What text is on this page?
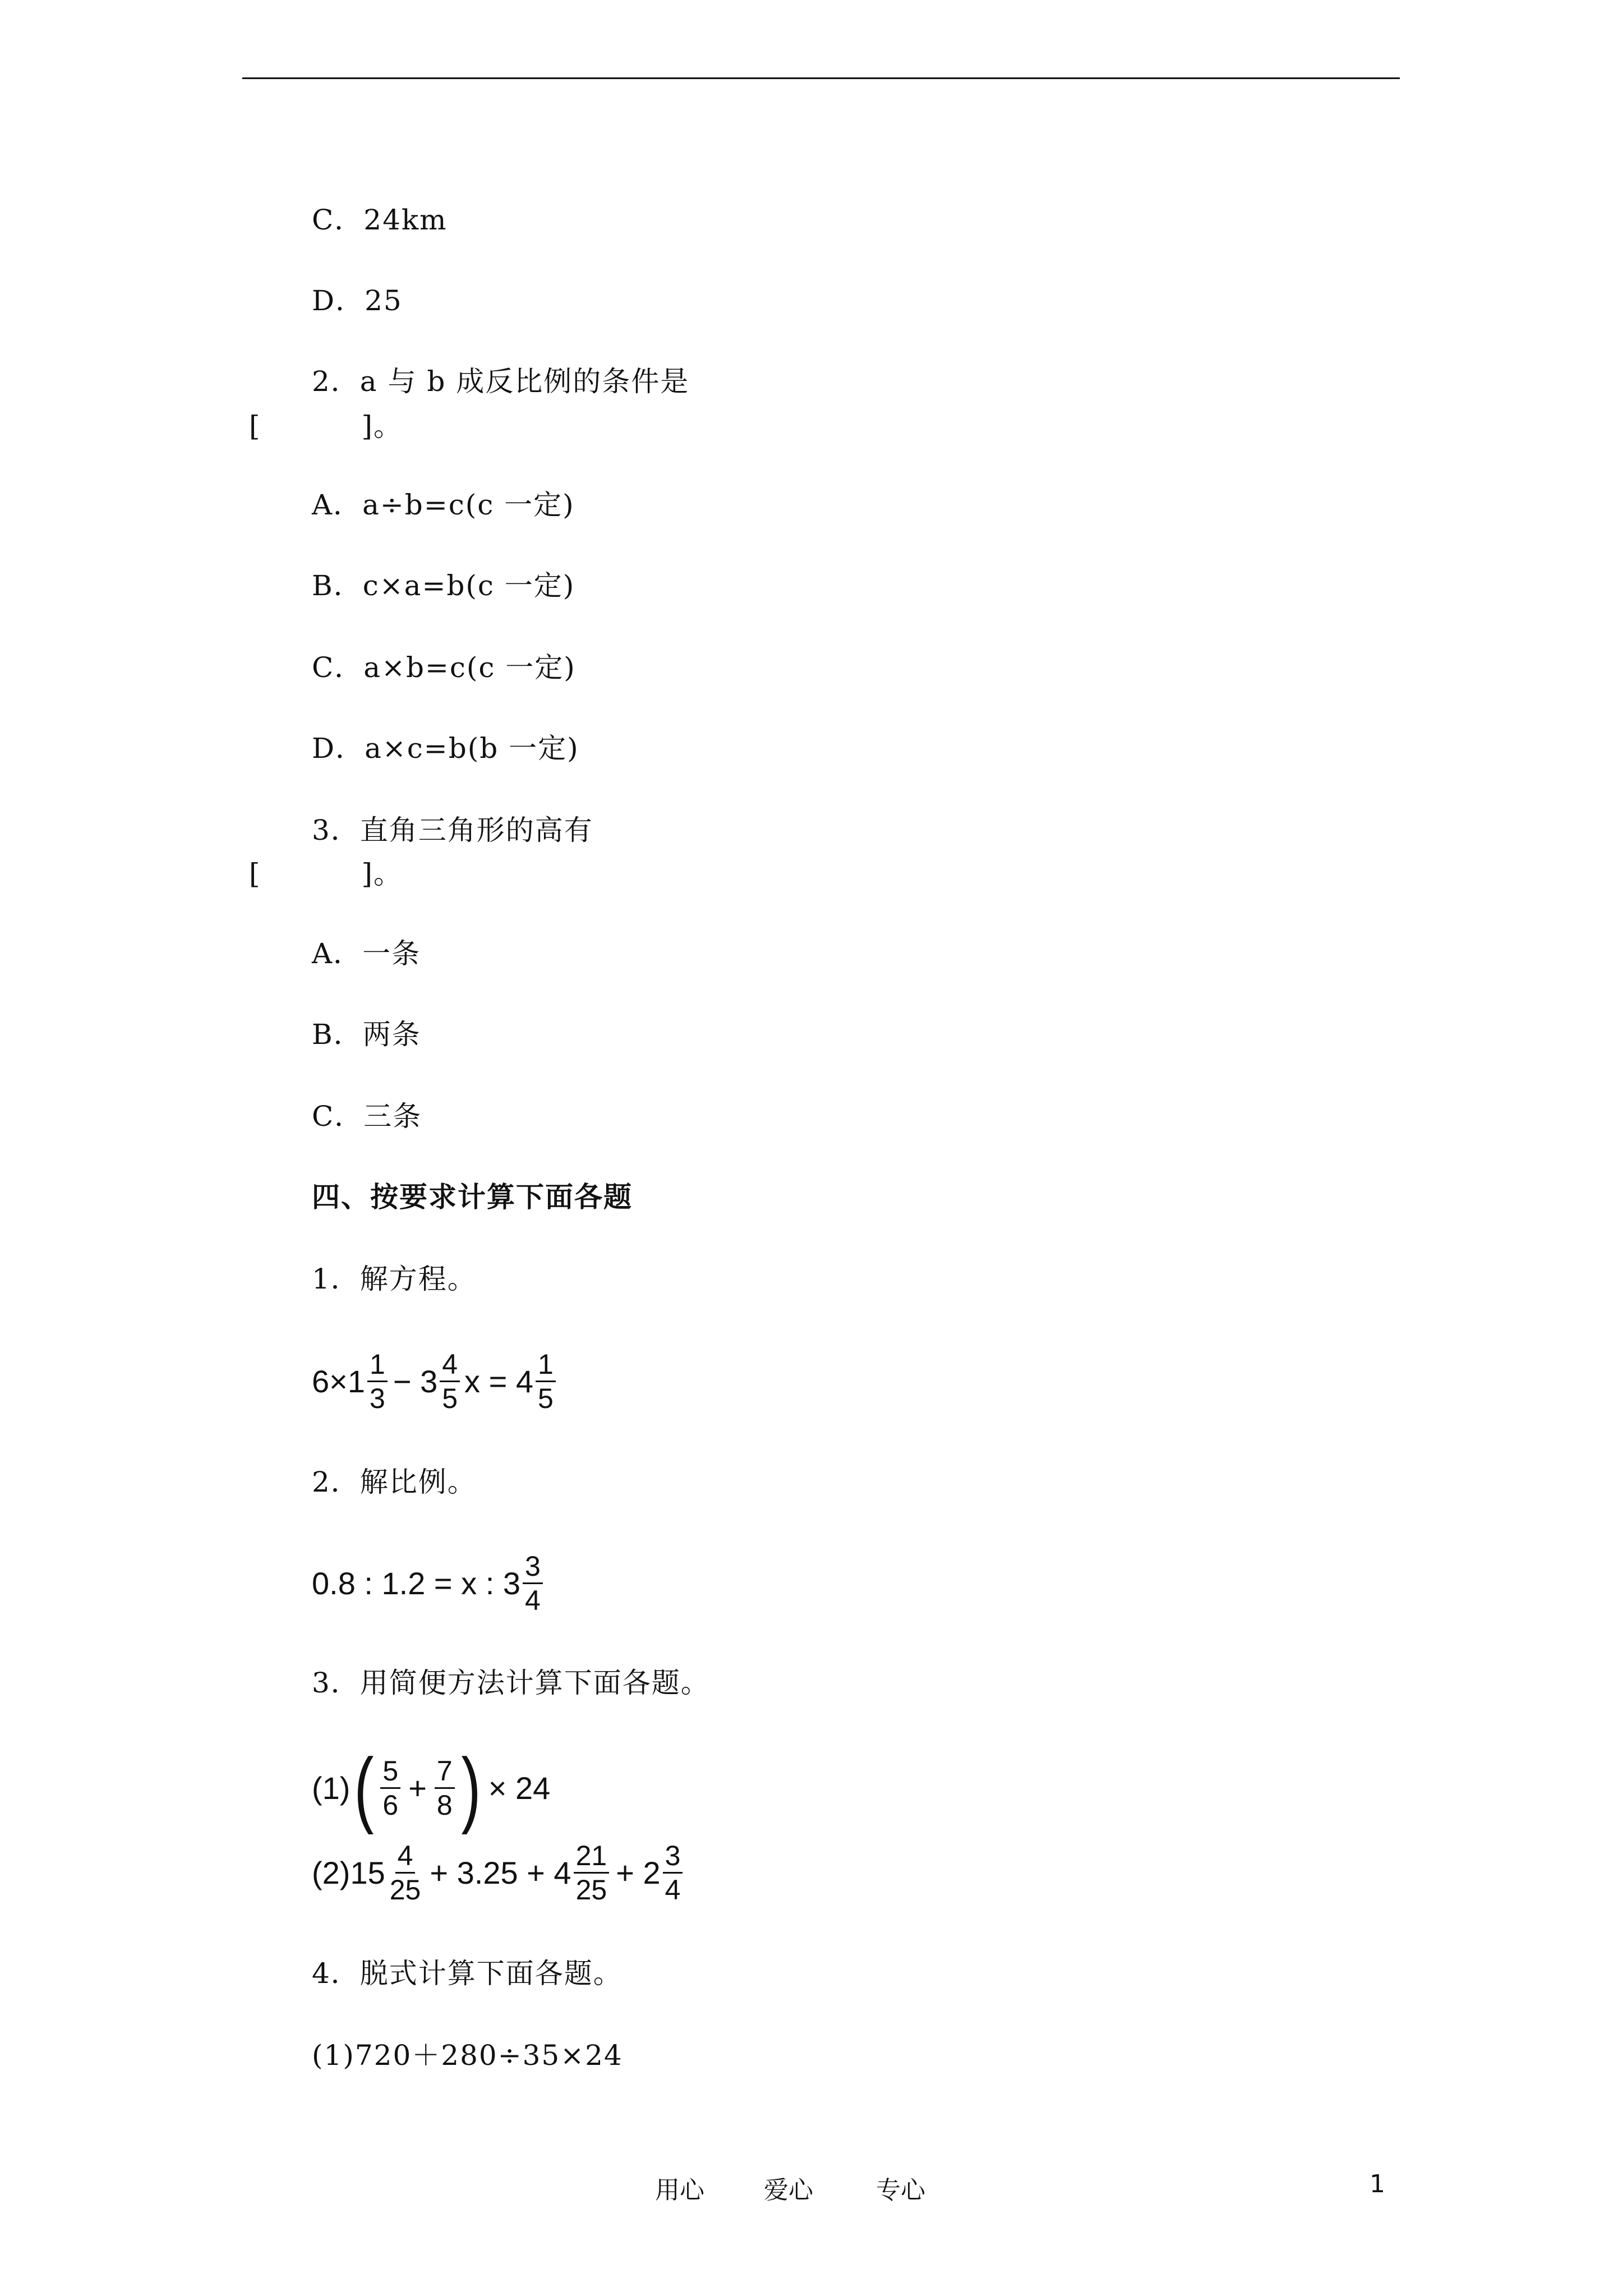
C．24km
D．25
2．a 与 b 成反比例的条件是
[          ]。
A．a÷b=c(c 一定)
B．c×a=b(c 一定)
C．a×b=c(c 一定)
D．a×c=b(b 一定)
3．直角三角形的高有
[          ]。
A．一条
B．两条
C．三条
四、按要求计算下面各题
1．解方程。
$6\times 1 \frac{1}{3} - 3 \frac{4}{5}$ $x = 4 \frac{1}{5}$
2．解比例。
0.8 : 1.2 = x : $3 \frac{3}{4}$
3．用简便方法计算下面各题。
(1) ( $\frac{5}{6} + \frac{7}{8}$ ) × 24
$(2)15 \frac{4}{25} + 3.25 + 4 \frac{21}{25} + 2 \frac{3}{4}$
4．脱式计算下面各题。
(1)720＋280÷35×24
用心 爱心	专心	1
